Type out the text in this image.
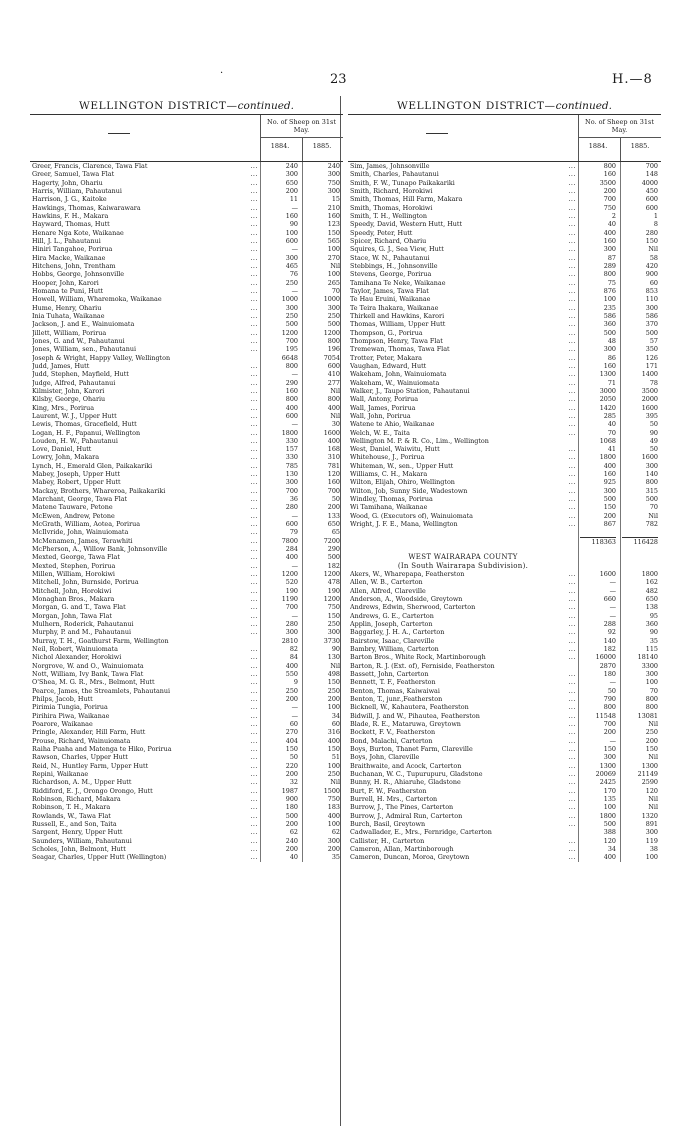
·	23	H.—8
WELLINGTON DISTRICT—continued.
No. of Sheep on 31st May.
1884.	1885.
Greer, Francis, Clarence, Tawa Flat	...	240	240
Greer, Samuel, Tawa Flat	...	300	300
Hagerty, John, Ohariu	...	650	750
Harris, William, Pahautanui	...	200	300
Harrison, J. G., Kaitoke	...	11	15
Hawkings, Thomas, Kaiwarawara	...	—	210
Hawkins, F. H., Makara	...	160	160
Hayward, Thomas, Hutt	...	90	123
Henare Nga Kote, Waikanae	...	100	150
Hill, J. L., Pahautanui	...	600	565
Hiniri Tangahoe, Porirua	...	—	100
Hira Macke, Waikanae	...	300	270
Hitchens, John, Trentham	...	465	Nil
Hobbs, George, Johnsonville	...	76	100
Hooper, John, Karori	...	250	265
Homana te Puni, Hutt	...	—	70
Howell, William, Wharemoka, Waikanae	...	1000	1000
Hume, Henry, Ohariu	...	300	300
Inia Tuhata, Waikanae	...	250	250
Jackson, J. and E., Wainuiomata	...	500	500
Jillett, William, Porirua	...	1200	1200
Jones, G. and W., Pahautanui	...	700	800
Jones, William, sen., Pahautanui	...	195	196
Joseph & Wright, Happy Valley, Wellington	6648	7054
Judd, James, Hutt	...	800	600
Judd, Stephen, Mayfield, Hutt	...	—	410
Judge, Alfred, Pahautanui	...	290	277
Kilmister, John, Karori	...	160	Nil
Kilsby, George, Ohariu	...	800	800
King, Mrs., Porirua	...	400	400
Laurent, W. J., Upper Hutt	...	600	Nil
Lewis, Thomas, Gracefield, Hutt	...	—	30
Logan, H. F., Papanui, Wellington	...	1800	1600
Louden, H. W., Pahautanui	...	330	400
Love, Daniel, Hutt	...	157	168
Lowry, John, Makara	...	330	310
Lynch, H., Emerald Glen, Paikakariki	...	785	781
Mabey, Joseph, Upper Hutt	...	130	120
Mabey, Robert, Upper Hutt	...	300	160
Mackay, Brothers, Whareroa, Paikakariki	...	700	700
Marchant, George, Tawa Flat	...	36	50
Matene Tauware, Petone	...	280	200
McEwen, Andrew, Petone	...	—	133
McGrath, William, Aotea, Porirua	...	600	650
McIlvride, John, Wainuiomata	...	79	65
McMenamen, James, Terawhiti	...	7800	7200
McPherson, A., Willow Bank, Johnsonville	...	284	290
Mexted, George, Tawa Flat	...	400	500
Mexted, Stephen, Porirua	...	—	182
Millen, William, Horokiwi	...	1200	1200
Mitchell, John, Burnside, Porirua	...	520	478
Mitchell, John, Horokiwi	...	190	190
Monaghan Bros., Makara	...	1190	1200
Morgan, G. and T., Tawa Flat	...	700	750
Morgan, John, Tawa Flat	...	—	150
Mulhern, Roderick, Pahautanui	...	280	250
Murphy, P. and M., Pahautanui	...	300	300
Murray, T. H., Goathurst Farm, Wellington	2810	3730
Neil, Robert, Wainuiomata	...	82	90
Nichol Alexander, Horokiwi	...	84	130
Norgrove, W. and O., Wainuiomata	...	400	Nil
Nott, William, Ivy Bank, Tawa Flat	...	550	498
O'Shea, M. G. R., Mrs., Belmont, Hutt	...	9	150
Pearce, James, the Streamlets, Pahautanui	...	250	250
Philps, Jacob, Hutt	...	200	200
Pirimia Tungia, Porirua	...	—	100
Pirihira Piwa, Waikanae	...	—	34
Poarore, Waikanae	...	60	60
Pringle, Alexander, Hill Farm, Hutt	...	270	316
Prouse, Richard, Wainuiomata	...	404	400
Raiha Puaha and Matenga te Hiko, Porirua	...	150	150
Rawson, Charles, Upper Hutt	...	50	51
Reid, N., Huntley Farm, Upper Hutt	...	220	100
Repini, Waikanae	...	200	250
Richardson, A. M., Upper Hutt	...	32	Nil
Riddiford, E. J., Orongo Orongo, Hutt	...	1987	1500
Robinson, Richard, Makara	...	900	750
Robinson, T. H., Makara	...	180	183
Rowlands, W., Tawa Flat	...	500	400
Russell, E., and Son, Taita	...	200	100
Sargent, Henry, Upper Hutt	...	62	62
Saunders, William, Pahautanui	...	240	300
Scholes, John, Belmont, Hutt	...	200	200
Seagar, Charles, Upper Hutt (Wellington)	...	40	35
WELLINGTON DISTRICT—continued.
No. of Sheep on 31st May.
1884.	1885.
Sim, James, Johnsonville	...	800	700
Smith, Charles, Pahautanui	...	160	148
Smith, F. W., Tunapo Paikakariki	...	3500	4000
Smith, Richard, Horokiwi	...	200	450
Smith, Thomas, Hill Farm, Makara	...	700	600
Smith, Thomas, Horokiwi	...	750	600
Smith, T. H., Wellington	...	2	1
Speedy, David, Western Hutt, Hutt	...	40	8
Speedy, Peter, Hutt	...	400	280
Spicer, Richard, Ohariu	...	160	150
Squires, G. J., Sea View, Hutt	...	300	Nil
Stace, W. N., Pahautanui	...	87	58
Stebbings, H., Johnsonville	...	289	420
Stevens, George, Porirua	...	800	900
Tamihana Te Neke, Waikanae	...	75	60
Taylor, James, Tawa Flat	...	876	853
Te Hau Eruini, Waikanae	...	100	110
Te Teira Ihakara, Waikanae	...	235	300
Thirkell and Hawkins, Karori	...	586	586
Thomas, William, Upper Hutt	...	360	370
Thompson, G., Porirua	...	500	500
Thompson, Henry, Tawa Flat	...	48	57
Tremewan, Thomas, Tawa Flat	...	300	350
Trotter, Peter, Makara	...	86	126
Vaughan, Edward, Hutt	...	160	171
Wakeham, John, Wainuiomata	...	1300	1400
Wakeham, W., Wainuiomata	...	71	78
Walker, J., Taupo Station, Pahautanui	...	3000	3500
Wall, Antony, Porirua	...	2050	2000
Wall, James, Porirua	...	1420	1600
Wall, John, Porirua	...	285	395
Watene te Ahio, Waikanae	...	40	50
Welch, W. E., Taita	...	70	90
Wellington M. P. & R. Co., Lim., Wellington	1068	49
West, Daniel, Waiwitu, Hutt	...	41	50
Whitehouse, J., Porirua	...	1800	1600
Whiteman, W., sen., Upper Hutt	...	400	300
Williams, C. H., Makara	...	160	140
Wilton, Elijah, Ohiro, Wellington	...	925	800
Wilton, Job, Sunny Side, Wadestown	...	300	315
Windley, Thomas, Porirua	...	500	500
Wi Tamihana, Waikanae	...	150	70
Wood, G. (Executors of), Wainuiomata	...	200	Nil
Wright, J. F. E., Mana, Wellington	...	867	782
118363	116428
WEST WAIRARAPA COUNTY
(In South Wairarapa Subdivision).
Akers, W., Wharepapa, Featherston	...	1600	1800
Allen, W. B., Carterton	...	—	162
Allen, Alfred, Clareville	...	—	482
Anderson, A., Woodside, Greytown	...	660	650
Andrews, Edwin, Sherwood, Carterton	...	—	138
Andrews, G. E., Carterton	...	—	95
Applin, Joseph, Carterton	...	288	360
Baggarley, J. H. A., Carterton	...	92	90
Bairstow, Isaac, Clareville	...	140	35
Bambry, William, Carterton	...	182	115
Barton Bros., White Rock, Martinborough	...	16000	18140
Barton, R. J. (Ext. of), Ferniside, Featherston	2870	3300
Bassett, John, Carterton	...	180	300
Bennett, T. F., Featherston	...	—	100
Benton, Thomas, Kaiwaiwai	...	50	70
Benton, T., junr.,Featherston	...	790	800
Bicknell, W., Kahautera, Featherston	...	800	800
Bidwill, J. and W., Pihautea, Featherston	...	11548	13081
Blade, R. E., Mataruwa, Greytown	...	700	Nil
Bockett, F. V., Featherston	...	200	250
Bond, Malachi, Carterton	...	—	200
Boys, Burton, Thanet Farm, Clareville	...	150	150
Boys, John, Clareville	...	300	Nil
Braithwaite, and Acock, Carterton	...	1300	1300
Buchanan, W. C., Tupurupuru, Gladstone	...	20069	21149
Bunny, H. R., Ahiaruhe, Gladstone	...	2425	2590
Burt, F. W., Featherston	...	170	120
Burrell, H. Mrs., Carterton	...	135	Nil
Burrow, J., The Pines, Carterton	...	100	Nil
Burrow, J., Admiral Run, Carterton	...	1800	1320
Burch, Basil, Greytown	...	500	891
Cadwallader, E., Mrs., Fernridge, Carterton	388	300
Callister, H., Carterton	...	120	119
Cameron, Allan, Martinborough	...	34	38
Cameron, Duncan, Moroa, Greytown	...	400	100
